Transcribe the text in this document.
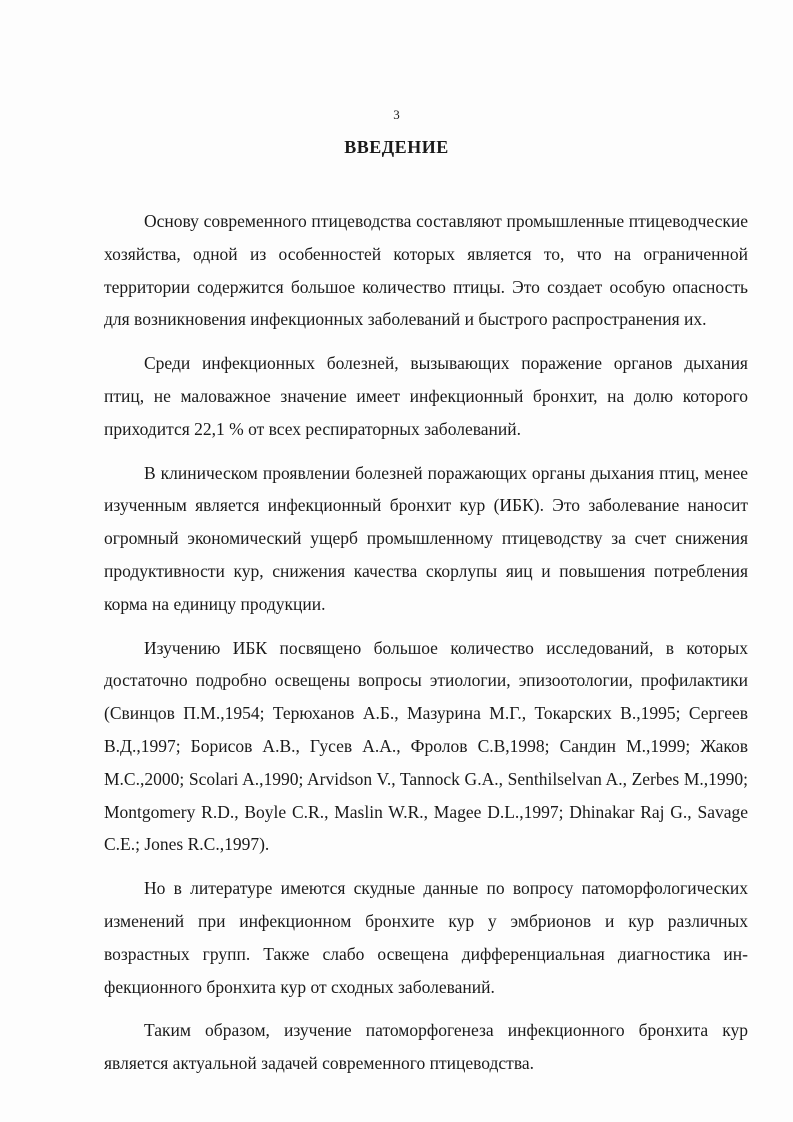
3
ВВЕДЕНИЕ

Основу современного птицеводства составляют промышленные птицеводческие хозяйства, одной из особенностей которых является то, что на ограниченной территории содержится большое количество птицы. Это создает особую опасность для возникновения инфекционных заболеваний и быстрого распространения их.

Среди инфекционных болезней, вызывающих поражение органов дыхания птиц, не маловажное значение имеет инфекционный бронхит, на долю которого приходится 22,1 % от всех респираторных заболеваний.

В клиническом проявлении болезней поражающих органы дыхания птиц, менее изученным является инфекционный бронхит кур (ИБК). Это заболевание наносит огромный экономический ущерб промышленному птицеводству за счет снижения продуктивности кур, снижения качества скорлупы яиц и повышения потребления корма на единицу продукции.

Изучению ИБК посвящено большое количество исследований, в которых достаточно подробно освещены вопросы этиологии, эпизоотологии, профилактики (Свинцов П.М.,1954; Терюханов А.Б., Мазурина М.Г., Токарских В.,1995; Сергеев В.Д.,1997; Борисов А.В., Гусев А.А., Фролов С.В,1998; Сандин М.,1999; Жаков М.С.,2000; Scolari A.,1990; Arvidson V., Tannock G.A., Senthilselvan A., Zerbes M.,1990; Montgomery R.D., Boyle C.R., Maslin W.R., Magee D.L.,1997; Dhinakar Raj G., Savage C.E.; Jones R.C.,1997).

Но в литературе имеются скудные данные по вопросу патоморфологических изменений при инфекционном бронхите кур у эмбрионов и кур различных возрастных групп. Также слабо освещена дифференциальная диагностика инфекционного бронхита кур от сходных заболеваний.

Таким образом, изучение патоморфогенеза инфекционного бронхита кур является актуальной задачей современного птицеводства.
